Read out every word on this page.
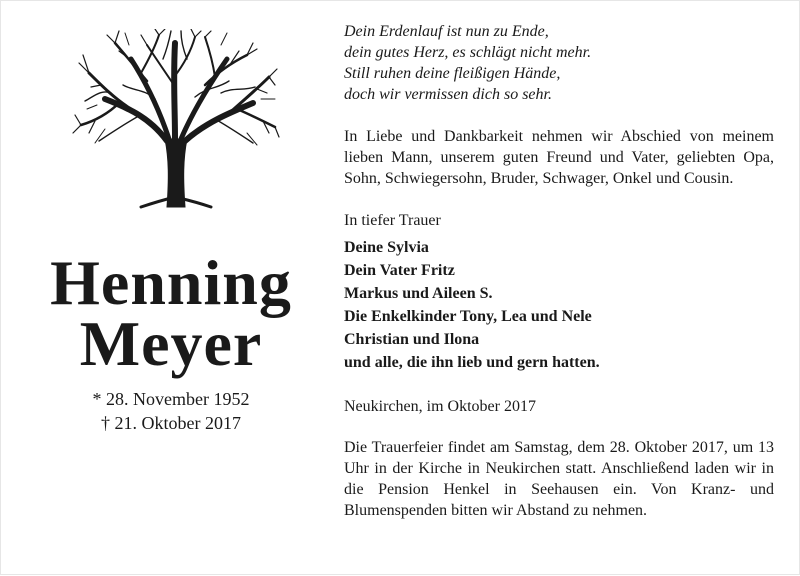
Henning
Meyer
* 28. November 1952
† 21. Oktober 2017
Dein Erdenlauf ist nun zu Ende,
dein gutes Herz, es schlägt nicht mehr.
Still ruhen deine fleißigen Hände,
doch wir vermissen dich so sehr.

In Liebe und Dankbarkeit nehmen wir Abschied von meinem lieben Mann, unserem guten Freund und Vater, geliebten Opa, Sohn, Schwiegersohn, Bruder, Schwager, Onkel und Cousin.

In tiefer Trauer
Deine Sylvia
Dein Vater Fritz
Markus und Aileen S.
Die Enkelkinder Tony, Lea und Nele
Christian und Ilona
und alle, die ihn lieb und gern hatten.
Neukirchen, im Oktober 2017

Die Trauerfeier findet am Samstag, dem 28. Oktober 2017, um 13 Uhr in der Kirche in Neukirchen statt. Anschließend laden wir in die Pension Henkel in Seehausen ein. Von Kranz- und Blumenspenden bitten wir Abstand zu nehmen.
